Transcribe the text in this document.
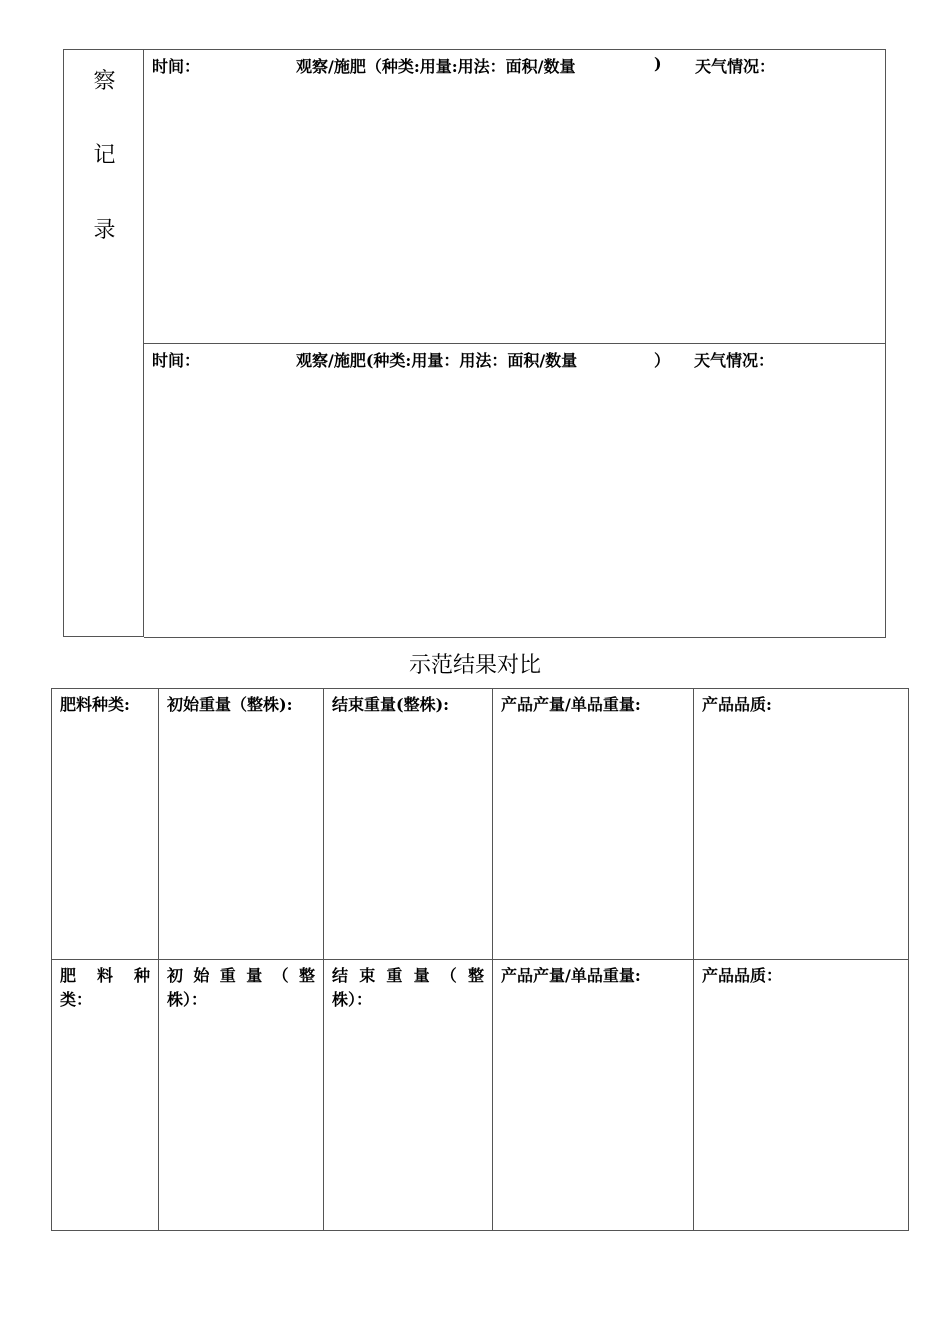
察
记
录
时间：	观察/施肥（种类:用量:用法：面积/数量	) 天气情况：
时间：	观察/施肥(种类:用量：用法：面积/数量	） 天气情况：
示范结果对比
肥料种类:	初始重量（整株):	结束重量(整株):	产品产量/单品重量:	产品品质:
肥 料 种 类：	初 始 重 量 （ 整 株）：	结 束 重 量 （ 整 株）：	产品产量/单品重量:	产品品质：
